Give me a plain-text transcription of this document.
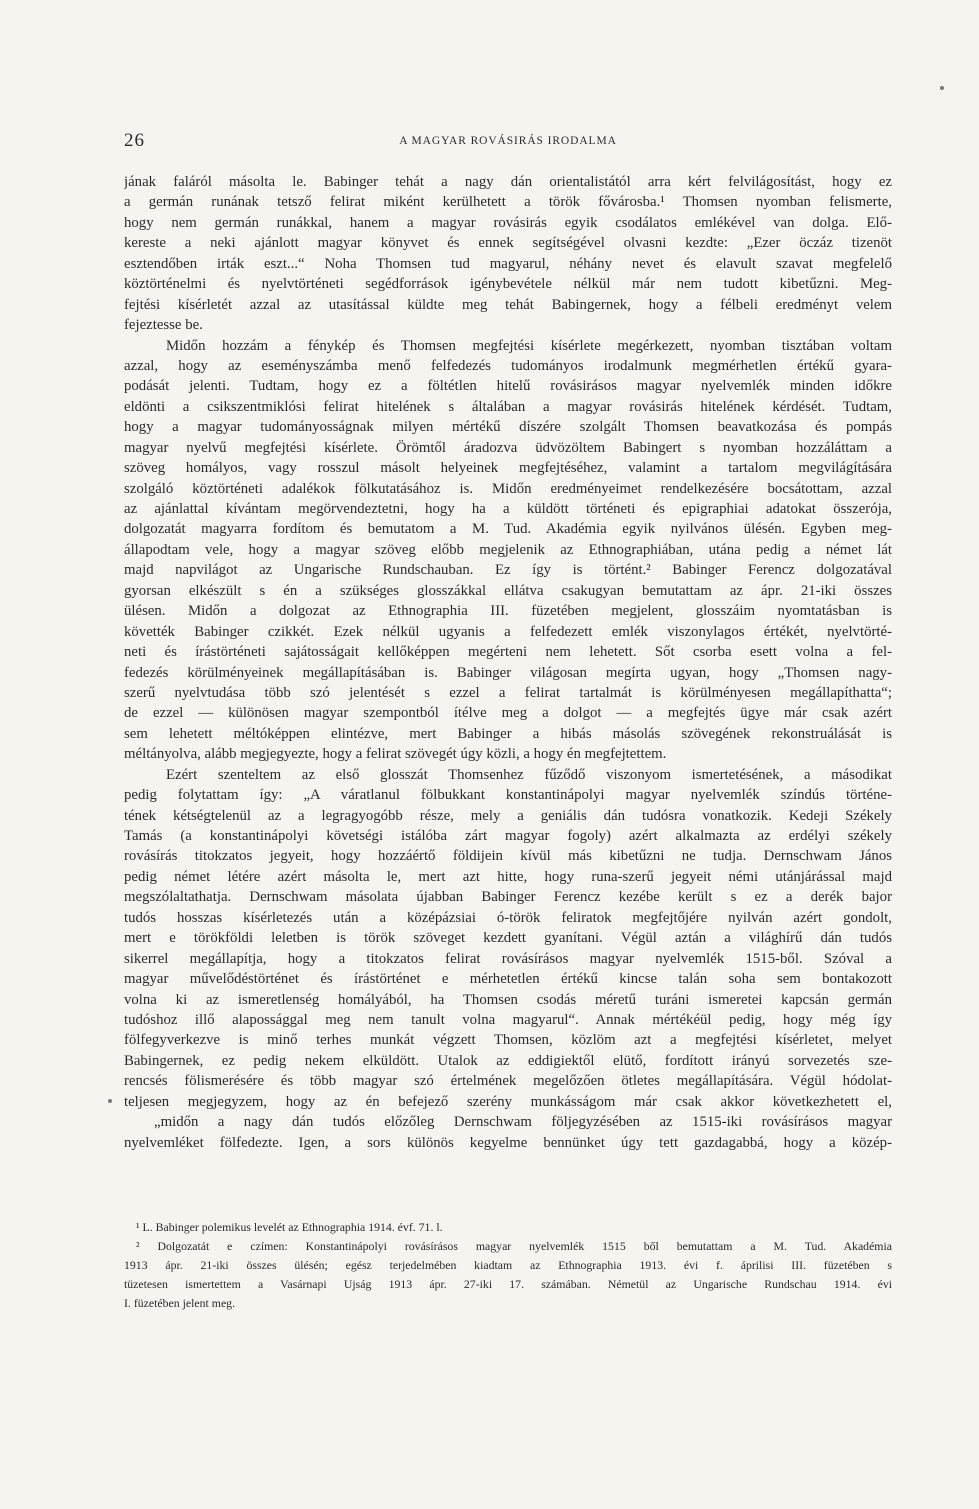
26	A MAGYAR ROVÁSIRÁS IRODALMA
jának faláról másolta le. Babinger tehát a nagy dán orientalistától arra kért felvilágosítást, hogy ez
a germán runának tetsző felirat miként kerülhetett a török fővárosba.¹ Thomsen nyomban felismerte,
hogy nem germán runákkal, hanem a magyar rovásirás egyik csodálatos emlékével van dolga. Elő-
kereste a neki ajánlott magyar könyvet és ennek segítségével olvasni kezdte: „Ezer öczáz tizenöt
esztendőben irták eszt...“ Noha Thomsen tud magyarul, néhány nevet és elavult szavat megfelelő
köztörténelmi és nyelvtörténeti segédforrások igénybevétele nélkül már nem tudott kibetűzni. Meg-
fejtési kísérletét azzal az utasítással küldte meg tehát Babingernek, hogy a félbeli eredményt velem
fejeztesse be.
Midőn hozzám a fénykép és Thomsen megfejtési kísérlete megérkezett, nyomban tisztában voltam
azzal, hogy az eseményszámba menő felfedezés tudományos irodalmunk megmérhetlen értékű gyara-
podását jelenti. Tudtam, hogy ez a föltétlen hitelű rovásirásos magyar nyelvemlék minden időkre
eldönti a csikszentmiklósi felirat hitelének s általában a magyar rovásirás hitelének kérdését. Tudtam,
hogy a magyar tudományosságnak milyen mértékű díszére szolgált Thomsen beavatkozása és pompás
magyar nyelvű megfejtési kísérlete. Örömtől áradozva üdvözöltem Babingert s nyomban hozzáláttam a
szöveg homályos, vagy rosszul másolt helyeinek megfejtéséhez, valamint a tartalom megvilágítására
szolgáló köztörténeti adalékok fölkutatásához is. Midőn eredményeimet rendelkezésére bocsátottam, azzal
az ajánlattal kívántam megörvendeztetni, hogy ha a küldött történeti és epigraphiai adatokat összerója,
dolgozatát magyarra fordítom és bemutatom a M. Tud. Akadémia egyik nyilvános ülésén. Egyben meg-
állapodtam vele, hogy a magyar szöveg előbb megjelenik az Ethnographiában, utána pedig a német lát
majd napvilágot az Ungarische Rundschauban. Ez így is történt.² Babinger Ferencz dolgozatával
gyorsan elkészült s én a szükséges glosszákkal ellátva csakugyan bemutattam az ápr. 21-iki összes
ülésen. Midőn a dolgozat az Ethnographia III. füzetében megjelent, glosszáim nyomtatásban is
követték Babinger czikkét. Ezek nélkül ugyanis a felfedezett emlék viszonylagos értékét, nyelvtörté-
neti és írástörténeti sajátosságait kellőképpen megérteni nem lehetett. Sőt csorba esett volna a fel-
fedezés körülményeinek megállapításában is. Babinger világosan megírta ugyan, hogy „Thomsen nagy-
szerű nyelvtudása több szó jelentését s ezzel a felirat tartalmát is körülményesen megállapíthatta“;
de ezzel — különösen magyar szempontból ítélve meg a dolgot — a megfejtés ügye már csak azért
sem lehetett méltóképpen elintézve, mert Babinger a hibás másolás szövegének rekonstruálását is
méltányolva, alább megjegyezte, hogy a felirat szövegét úgy közli, a hogy én megfejtettem.
Ezért szenteltem az első glosszát Thomsenhez fűződő viszonyom ismertetésének, a másodikat
pedig folytattam így: „A váratlanul fölbukkant konstantinápolyi magyar nyelvemlék színdús történe-
tének kétségtelenül az a legragyogóbb része, mely a geniális dán tudósra vonatkozik. Kedeji Székely
Tamás (a konstantinápolyi követségi istálóba zárt magyar fogoly) azért alkalmazta az erdélyi székely
rovásírás titokzatos jegyeit, hogy hozzáértő földijein kívül más kibetűzni ne tudja. Dernschwam János
pedig német létére azért másolta le, mert azt hitte, hogy runa-szerű jegyeit némi utánjárással majd
megszólaltathatja. Dernschwam másolata újabban Babinger Ferencz kezébe került s ez a derék bajor
tudós hosszas kísérletezés után a középázsiai ó-török feliratok megfejtőjére nyilván azért gondolt,
mert e törökföldi leletben is török szöveget kezdett gyanítani. Végül aztán a világhírű dán tudós
sikerrel megállapítja, hogy a titokzatos felirat rovásírásos magyar nyelvemlék 1515-ből. Szóval a
magyar művelődéstörténet és írástörténet e mérhetetlen értékű kincse talán soha sem bontakozott
volna ki az ismeretlenség homályából, ha Thomsen csodás méretű turáni ismeretei kapcsán germán
tudóshoz illő alapossággal meg nem tanult volna magyarul“. Annak mértékéül pedig, hogy még így
fölfegyverkezve is minő terhes munkát végzett Thomsen, közlöm azt a megfejtési kísérletet, melyet
Babingernek, ez pedig nekem elküldött. Utalok az eddigiektől elütő, fordított irányú sorvezetés sze-
rencsés fölismerésére és több magyar szó értelmének megelőzően ötletes megállapítására. Végül hódolat-
teljesen megjegyzem, hogy az én befejező szerény munkásságom már csak akkor következhetett el,
„midőn a nagy dán tudós előzőleg Dernschwam följegyzésében az 1515-iki rovásírásos magyar
nyelvemléket fölfedezte. Igen, a sors különös kegyelme bennünket úgy tett gazdagabbá, hogy a közép-
¹ L. Babinger polemikus levelét az Ethnographia 1914. évf. 71. l.
² Dolgozatát e czímen: Konstantinápolyi rovásírásos magyar nyelvemlék 1515 ből bemutattam a M. Tud. Akadémia
1913 ápr. 21-iki összes ülésén; egész terjedelmében kiadtam az Ethnographia 1913. évi f. áprilisi III. füzetében s
tüzetesen ismertettem a Vasárnapi Ujság 1913 ápr. 27-iki 17. számában. Németül az Ungarische Rundschau 1914. évi
I. füzetében jelent meg.
